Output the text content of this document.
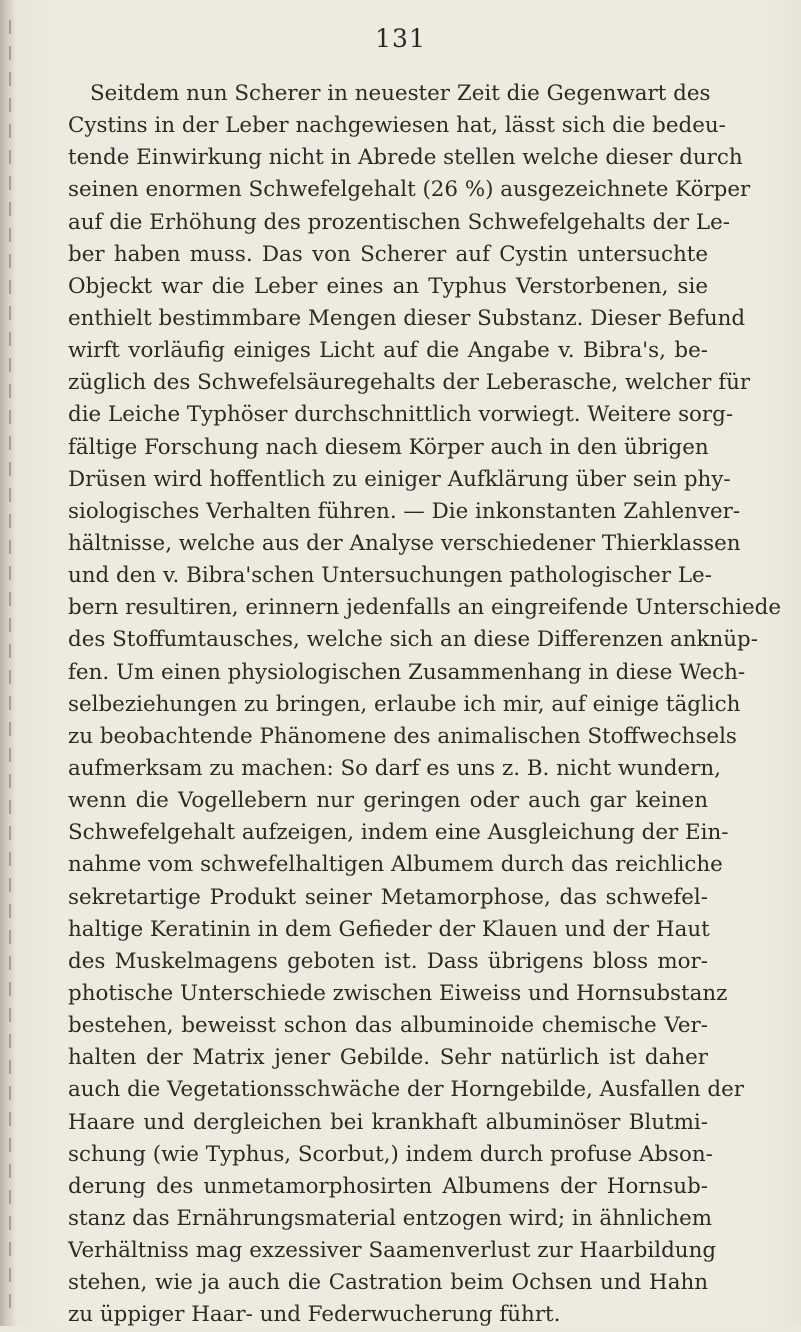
131
Seitdem nun Scherer in neuester Zeit die Gegenwart des
Cystins in der Leber nachgewiesen hat, lässt sich die bedeu-
tende Einwirkung nicht in Abrede stellen welche dieser durch
seinen enormen Schwefelgehalt (26 %) ausgezeichnete Körper
auf die Erhöhung des prozentischen Schwefelgehalts der Le-
ber haben muss. Das von Scherer auf Cystin untersuchte
Objeckt war die Leber eines an Typhus Verstorbenen, sie
enthielt bestimmbare Mengen dieser Substanz. Dieser Befund
wirft vorläufig einiges Licht auf die Angabe v. Bibra's, be-
züglich des Schwefelsäuregehalts der Leberasche, welcher für
die Leiche Typhöser durchschnittlich vorwiegt. Weitere sorg-
fältige Forschung nach diesem Körper auch in den übrigen
Drüsen wird hoffentlich zu einiger Aufklärung über sein phy-
siologisches Verhalten führen. — Die inkonstanten Zahlenver-
hältnisse, welche aus der Analyse verschiedener Thierklassen
und den v. Bibra'schen Untersuchungen pathologischer Le-
bern resultiren, erinnern jedenfalls an eingreifende Unterschiede
des Stoffumtausches, welche sich an diese Differenzen anknüp-
fen. Um einen physiologischen Zusammenhang in diese Wech-
selbeziehungen zu bringen, erlaube ich mir, auf einige täglich
zu beobachtende Phänomene des animalischen Stoffwechsels
aufmerksam zu machen: So darf es uns z. B. nicht wundern,
wenn die Vogellebern nur geringen oder auch gar keinen
Schwefelgehalt aufzeigen, indem eine Ausgleichung der Ein-
nahme vom schwefelhaltigen Albumem durch das reichliche
sekretartige Produkt seiner Metamorphose, das schwefel-
haltige Keratinin in dem Gefieder der Klauen und der Haut
des Muskelmagens geboten ist. Dass übrigens bloss mor-
photische Unterschiede zwischen Eiweiss und Hornsubstanz
bestehen, beweisst schon das albuminoide chemische Ver-
halten der Matrix jener Gebilde. Sehr natürlich ist daher
auch die Vegetationsschwäche der Horngebilde, Ausfallen der
Haare und dergleichen bei krankhaft albuminöser Blutmi-
schung (wie Typhus, Scorbut,) indem durch profuse Abson-
derung des unmetamorphosirten Albumens der Hornsub-
stanz das Ernährungsmaterial entzogen wird; in ähnlichem
Verhältniss mag exzessiver Saamenverlust zur Haarbildung
stehen, wie ja auch die Castration beim Ochsen und Hahn
zu üppiger Haar- und Federwucherung führt.
